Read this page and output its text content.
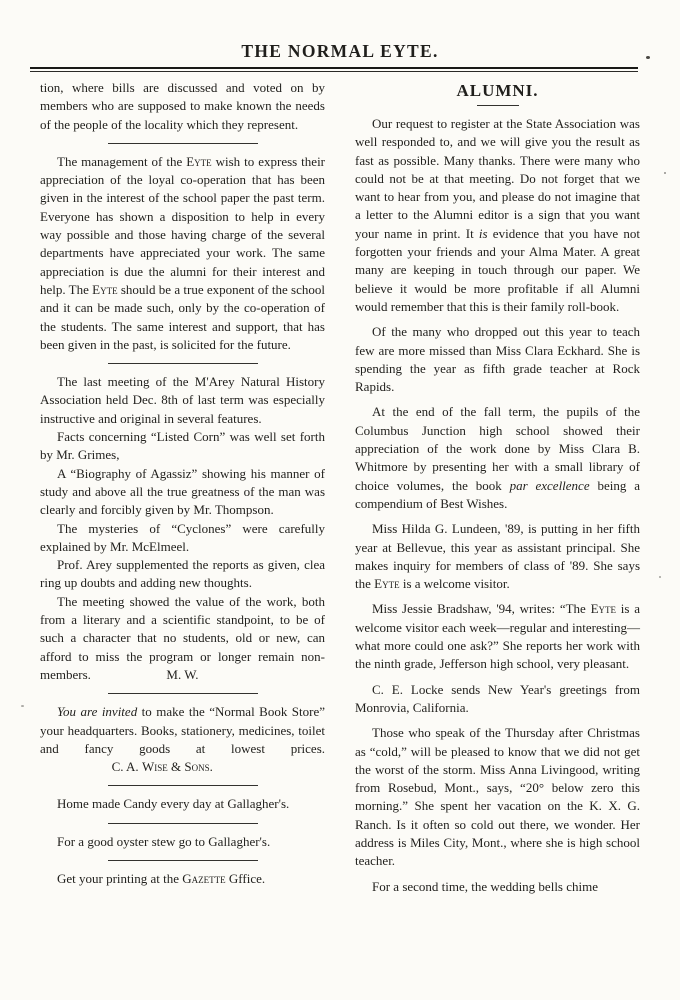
THE NORMAL EYTE.

tion, where bills are discussed and voted on by members who are supposed to make known the needs of the people of the locality which they represent.

The management of the Eyte wish to express their appreciation of the loyal co-operation that has been given in the interest of the school paper the past term. Everyone has shown a disposition to help in every way possible and those having charge of the several departments have appreciated your work. The same appreciation is due the alumni for their interest and help. The Eyte should be a true exponent of the school and it can be made such, only by the co-operation of the students. The same interest and support, that has been given in the past, is solicited for the future.

The last meeting of the M'Arey Natural History Association held Dec. 8th of last term was especially instructive and original in several features.

Facts concerning “Listed Corn” was well set forth by Mr. Grimes,

A “Biography of Agassiz” showing his manner of study and above all the true greatness of the man was clearly and forcibly given by Mr. Thompson.

The mysteries of “Cyclones” were carefully explained by Mr. McElmeel.

Prof. Arey supplemented the reports as given, clea ring up doubts and adding new thoughts.

The meeting showed the value of the work, both from a literary and a scientific standpoint, to be of such a character that no students, old or new, can afford to miss the program or longer remain non-members.	M. W.

You are invited to make the “Normal Book Store” your headquarters. Books, stationery, medicines, toilet and fancy goods at lowest prices.C. A. Wise & Sons.

Home made Candy every day at Gallagher's.

For a good oyster stew go to Gallagher's.

Get your printing at the Gazette Gffice.

ALUMNI.

Our request to register at the State Association was well responded to, and we will give you the result as fast as possible. Many thanks. There were many who could not be at that meeting. Do not forget that we want to hear from you, and please do not imagine that a letter to the Alumni editor is a sign that you want your name in print. It is evidence that you have not forgotten your friends and your Alma Mater. A great many are keeping in touch through our paper. We believe it would be more profitable if all Alumni would remember that this is their family roll-book.

Of the many who dropped out this year to teach few are more missed than Miss Clara Eckhard. She is spending the year as fifth grade teacher at Rock Rapids.

At the end of the fall term, the pupils of the Columbus Junction high school showed their appreciation of the work done by Miss Clara B. Whitmore by presenting her with a small library of choice volumes, the book par excellence being a compendium of Best Wishes.

Miss Hilda G. Lundeen, '89, is putting in her fifth year at Bellevue, this year as assistant principal. She makes inquiry for members of class of '89. She says the Eyte is a welcome visitor.

Miss Jessie Bradshaw, '94, writes: “The Eyte is a welcome visitor each week—regular and interesting—what more could one ask?” She reports her work with the ninth grade, Jefferson high school, very pleasant.

C. E. Locke sends New Year's greetings from Monrovia, California.

Those who speak of the Thursday after Christmas as “cold,” will be pleased to know that we did not get the worst of the storm. Miss Anna Livingood, writing from Rosebud, Mont., says, “20° below zero this morning.” She spent her vacation on the K. X. G. Ranch. Is it often so cold out there, we wonder. Her address is Miles City, Mont., where she is high school teacher.

For a second time, the wedding bells chime
